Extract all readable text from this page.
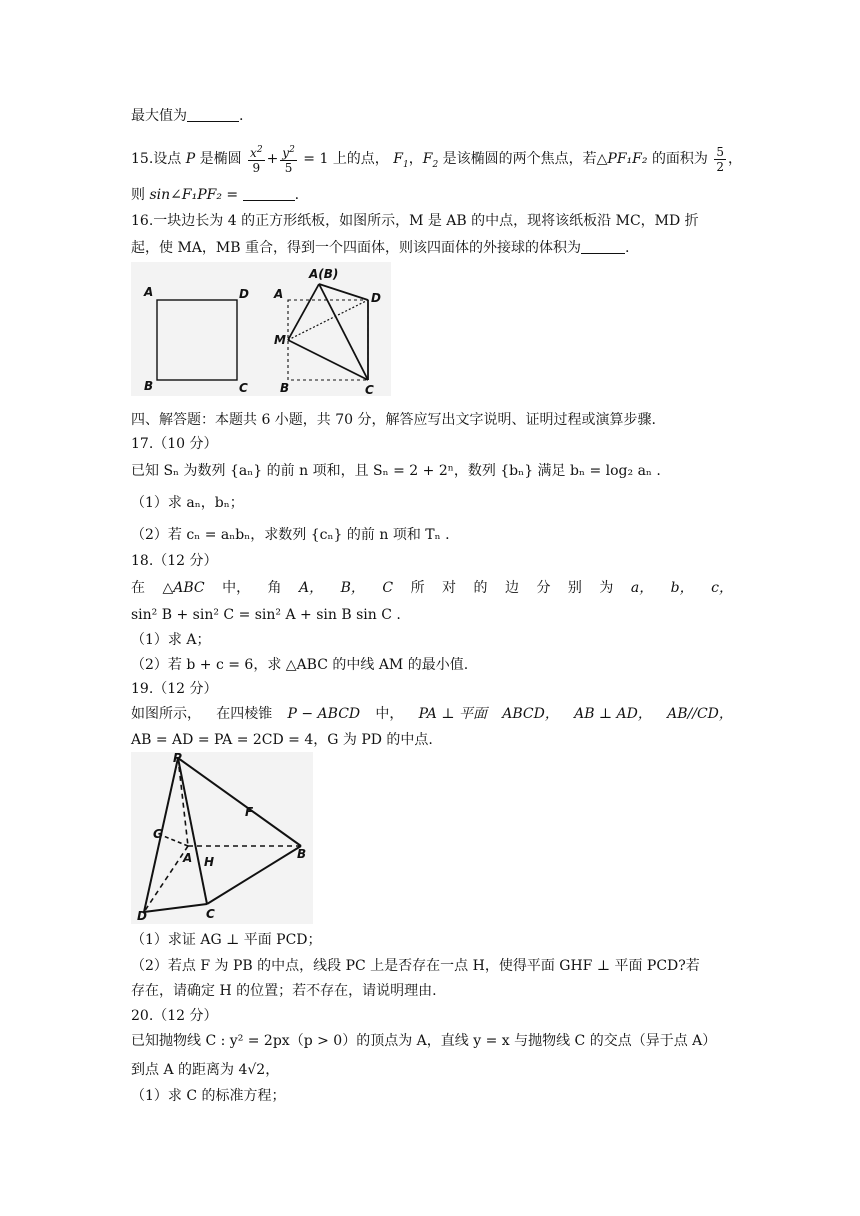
最大值为	.
15.设点 P 是椭圆 $\frac{x^2}{9} + \frac{y^2}{5} = 1$ 上的点， $F_1$，$F_2$ 是该椭圆的两个焦点，若△PF₁F₂ 的面积为 $\frac{5}{2}$ ，
则 sin∠F₁PF₂ =	.
16.一块边长为 4 的正方形纸板，如图所示，M 是 AB 的中点，现将该纸板沿 MC，MD 折
起，使 MA，MB 重合，得到一个四面体，则该四面体的外接球的体积为	.
A	D
B	C
A(B)
A	D
M
B	C
四、解答题：本题共 6 小题，共 70 分，解答应写出文字说明、证明过程或演算步骤.
17.（10 分）
已知 Sₙ 为数列 {aₙ} 的前 n 项和，且 Sₙ = 2 + 2ⁿ，数列 {bₙ} 满足 bₙ = log₂ aₙ .
（1）求 aₙ，bₙ；
（2）若 cₙ = aₙbₙ，求数列 {cₙ} 的前 n 项和 Tₙ .
18.（12 分）
在 △ABC 中， 角 A， B， C 所 对 的 边 分 别 为 a， b， c，
sin² B + sin² C = sin² A + sin B sin C .
（1）求 A；
（2）若 b + c = 6，求 △ABC 的中线 AM 的最小值.
19.（12 分）
如图所示， 在四棱锥 P − ABCD 中， PA ⊥ 平面 ABCD， AB ⊥ AD， AB//CD，
AB = AD = PA = 2CD = 4，G 为 PD 的中点.
P
F
G
A H
B
D	C
（1）求证 AG ⊥ 平面 PCD；
（2）若点 F 为 PB 的中点，线段 PC 上是否存在一点 H，使得平面 GHF ⊥ 平面 PCD?若
存在，请确定 H 的位置；若不存在，请说明理由.
20.（12 分）
已知抛物线 C : y² = 2px（p > 0）的顶点为 A，直线 y = x 与抛物线 C 的交点（异于点 A）
到点 A 的距离为 4√2，
（1）求 C 的标准方程；
